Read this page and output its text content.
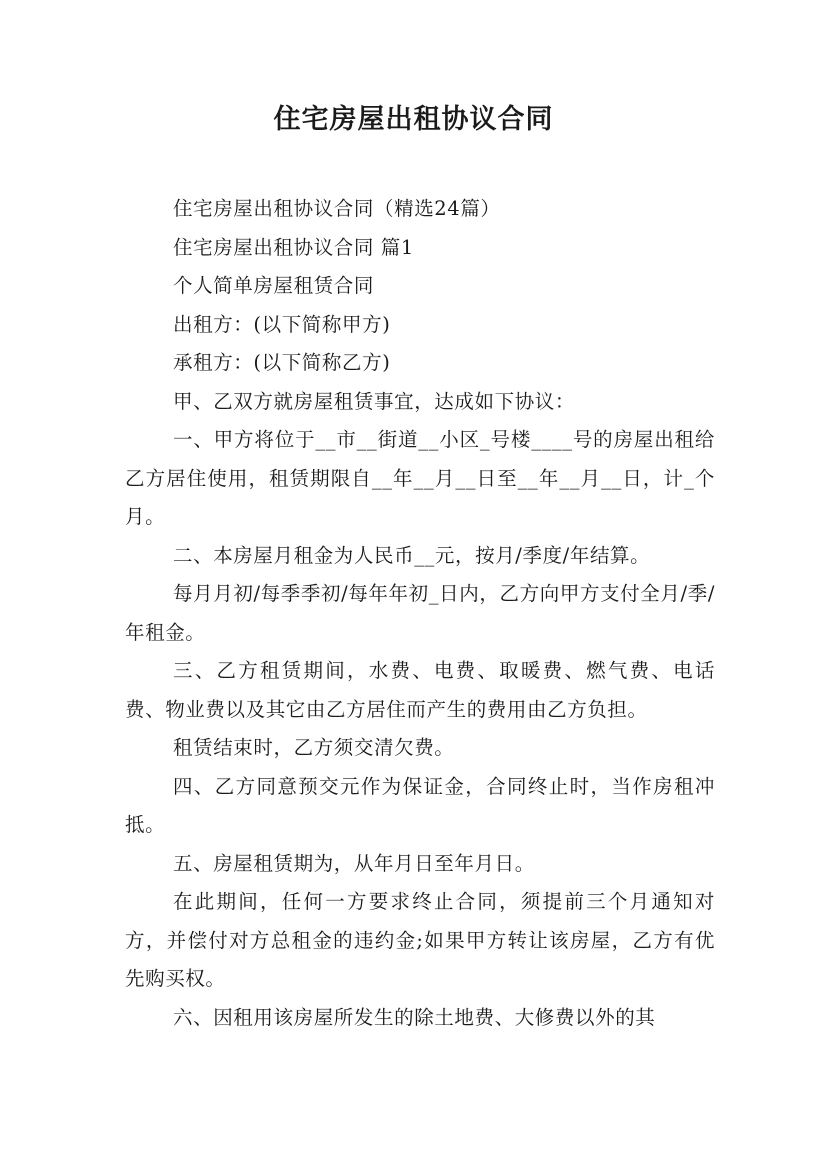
住宅房屋出租协议合同

住宅房屋出租协议合同（精选24篇）

住宅房屋出租协议合同 篇1

个人简单房屋租赁合同

出租方：(以下简称甲方)

承租方：(以下简称乙方)

甲、乙双方就房屋租赁事宜，达成如下协议：

一、甲方将位于__市__街道__小区_号楼____号的房屋出租给乙方居住使用，租赁期限自__年__月__日至__年__月__日，计_个月。

二、本房屋月租金为人民币__元，按月/季度/年结算。

每月月初/每季季初/每年年初_日内，乙方向甲方支付全月/季/年租金。

三、乙方租赁期间，水费、电费、取暖费、燃气费、电话费、物业费以及其它由乙方居住而产生的费用由乙方负担。

租赁结束时，乙方须交清欠费。

四、乙方同意预交元作为保证金，合同终止时，当作房租冲抵。

五、房屋租赁期为，从年月日至年月日。

在此期间，任何一方要求终止合同，须提前三个月通知对方，并偿付对方总租金的违约金;如果甲方转让该房屋，乙方有优先购买权。

六、因租用该房屋所发生的除土地费、大修费以外的其
